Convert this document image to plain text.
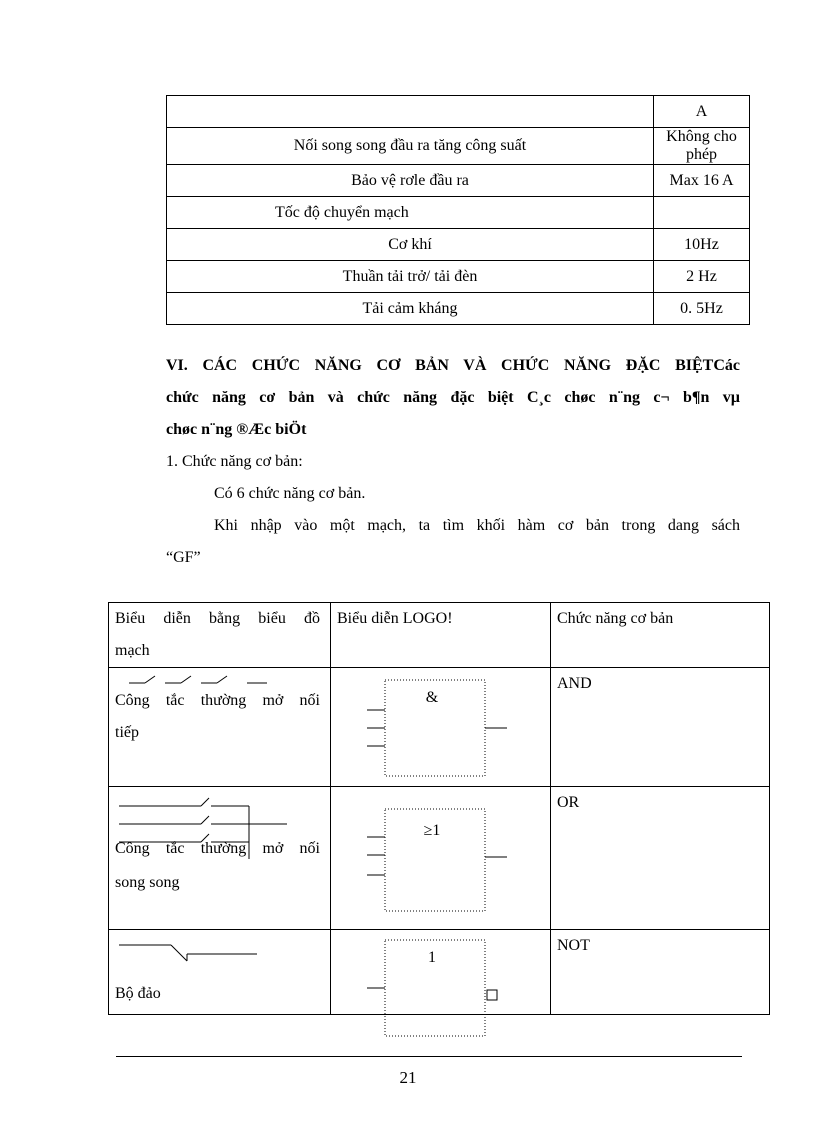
	A
Nối song song đầu ra tăng công suất	Không cho phép
Bảo vệ rơle đầu ra	Max 16 A
Tốc độ chuyển mạch	
Cơ khí	10Hz
Thuần tải trở/ tải đèn	2 Hz
Tải cảm kháng	0. 5Hz
VI. CÁC CHỨC NĂNG CƠ BẢN VÀ CHỨC NĂNG ĐẶC BIỆTCác
chức năng cơ bản và chức năng đặc biệt C¸c chøc n¨ng c¬ b¶n vµ
chøc n¨ng ®Æc biÖt
1. Chức năng cơ bản:
Có 6 chức năng cơ bản.
Khi nhập vào một mạch, ta tìm khối hàm cơ bản trong dang sách
“GF”
Biểu diễn bằng biểu đồ
mạch	Biểu diễn LOGO!	Chức năng cơ bản

Công tắc thường mở nối
tiếp	&	AND

Công tắc thường mở nối
song song	≥1	OR

Bộ đảo	1	NOT
21
